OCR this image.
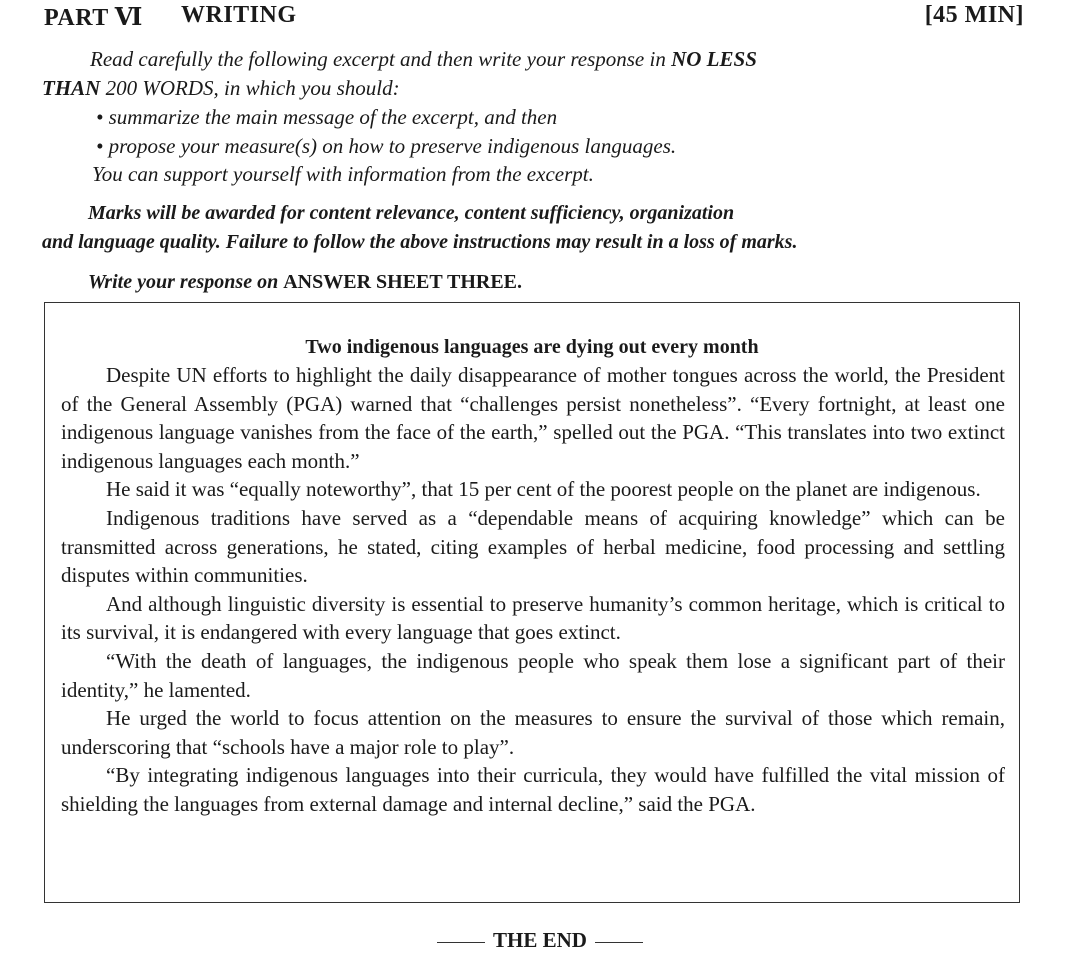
PART Ⅵ WRITING	[45 MIN]
Read carefully the following excerpt and then write your response in NO LESS
THAN 200 WORDS, in which you should:
• summarize the main message of the excerpt, and then
• propose your measure(s) on how to preserve indigenous languages.
You can support yourself with information from the excerpt.
Marks will be awarded for content relevance, content sufficiency, organization
and language quality. Failure to follow the above instructions may result in a loss of marks.
Write your response on ANSWER SHEET THREE.
Two indigenous languages are dying out every month

Despite UN efforts to highlight the daily disappearance of mother tongues across the world, the President of the General Assembly (PGA) warned that “challenges persist nonetheless”. “Every fortnight, at least one indigenous language vanishes from the face of the earth,” spelled out the PGA. “This translates into two extinct indigenous languages each month.”

He said it was “equally noteworthy”, that 15 per cent of the poorest people on the planet are indigenous.

Indigenous traditions have served as a “dependable means of acquiring knowledge” which can be transmitted across generations, he stated, citing examples of herbal medicine, food processing and settling disputes within communities.

And although linguistic diversity is essential to preserve humanity’s common heritage, which is critical to its survival, it is endangered with every language that goes extinct.

“With the death of languages, the indigenous people who speak them lose a significant part of their identity,” he lamented.

He urged the world to focus attention on the measures to ensure the survival of those which remain, underscoring that “schools have a major role to play”.

“By integrating indigenous languages into their curricula, they would have fulfilled the vital mission of shielding the languages from external damage and internal decline,” said the PGA.

THE END
